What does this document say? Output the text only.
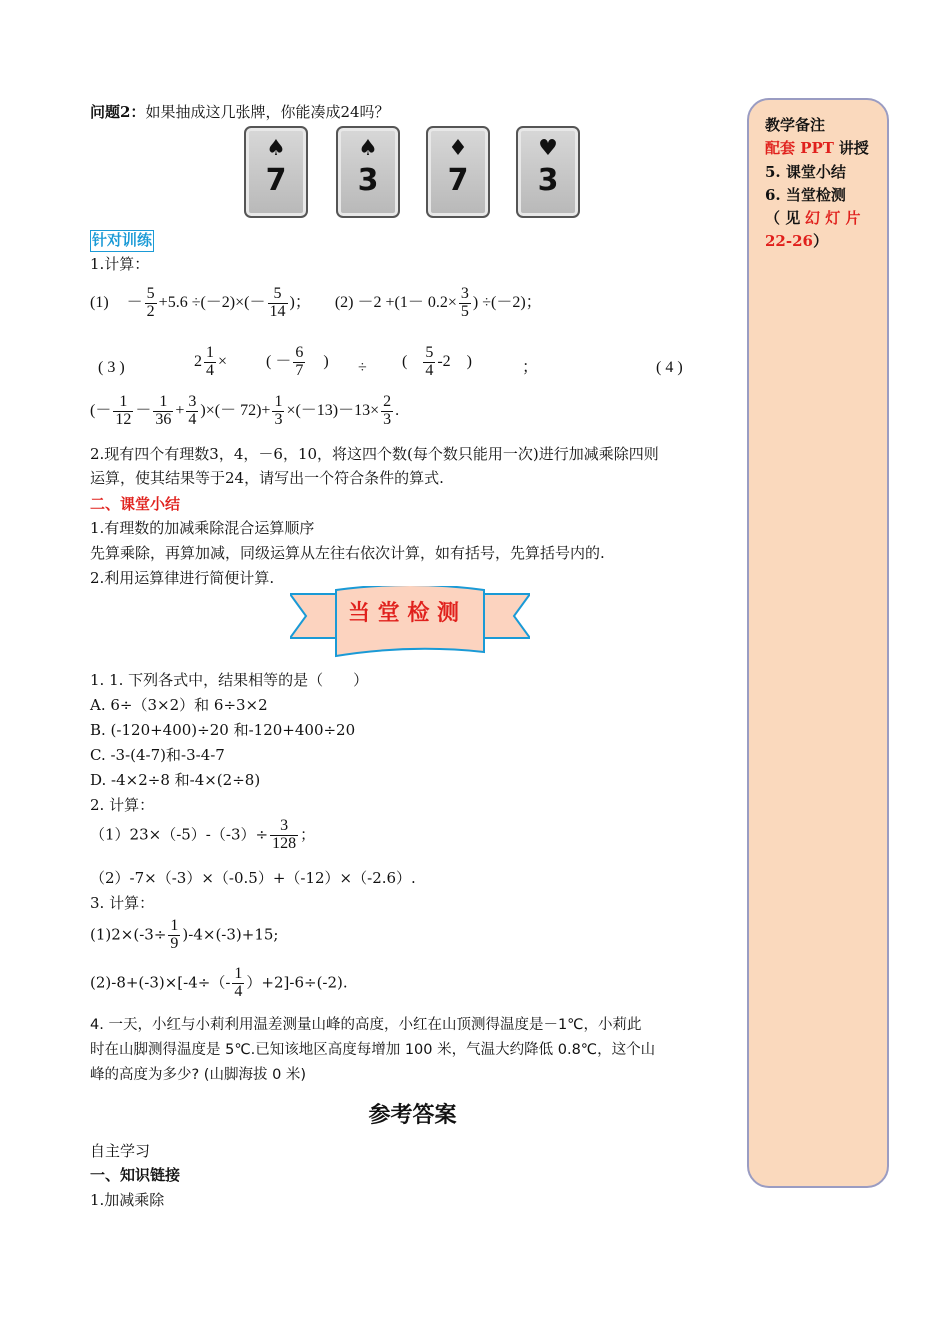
问题2：如果抽成这几张牌，你能凑成24吗？
♠
7
♠
3
♦
7
♥
3
针对训练
1.计算：
$(1) - \frac{5}{2} +5.6 \div(-2)\times(- \frac{5}{14}$ )； $(2) -2 +(1- 0.2\times \frac{3}{5}$ ) ÷(－2)；
( 3 )	$2 \frac{1}{4}$ × ( － $\frac{6}{7}$ ) ÷ ( $\frac{5}{4} -2$ )	；	( 4 )
(－ $\frac{1}{12} - \frac{1}{36} + \frac{3}{4}$ )×(－ $72)+ \frac{1}{3} \times(-13)-13\times \frac{2}{3}$ .
2.现有四个有理数3，4，－6，10，将这四个数(每个数只能用一次)进行加减乘除四则
运算，使其结果等于24，请写出一个符合条件的算式.
二、课堂小结
1.有理数的加减乘除混合运算顺序
先算乘除，再算加减，同级运算从左往右依次计算，如有括号，先算括号内的.
2.利用运算律进行简便计算.
当 堂 检 测
1. 1. 下列各式中，结果相等的是（　　）
A. 6÷（3×2）和 6÷3×2
B. (-120+400)÷20 和-120+400÷20
C. -3-(4-7)和-3-4-7
D. -4×2÷8 和-4×(2÷8)
2. 计算：
$(1)23\times(-5)-(-3)\div \frac{3}{128}$ ；
（2）-7×（-3）×（-0.5）+（-12）×（-2.6）.
3. 计算：
$(1)2\times(-3\div \frac{1}{9} )-4\times(-3)+15$;
$(2)-8+(-3)\times[-4\div(- \frac{1}{4} )+2]-6\div(-2)$.
4. 一天，小红与小莉利用温差测量山峰的高度，小红在山顶测得温度是－1℃，小莉此
时在山脚测得温度是 5℃.已知该地区高度每增加 100 米，气温大约降低 0.8℃，这个山
峰的高度为多少? (山脚海拔 0 米)
参考答案
自主学习
一、知识链接
1.加减乘除
教学备注
配套 PPT 讲授
5. 课堂小结
6. 当堂检测
（ 见 幻 灯 片
22-26）
